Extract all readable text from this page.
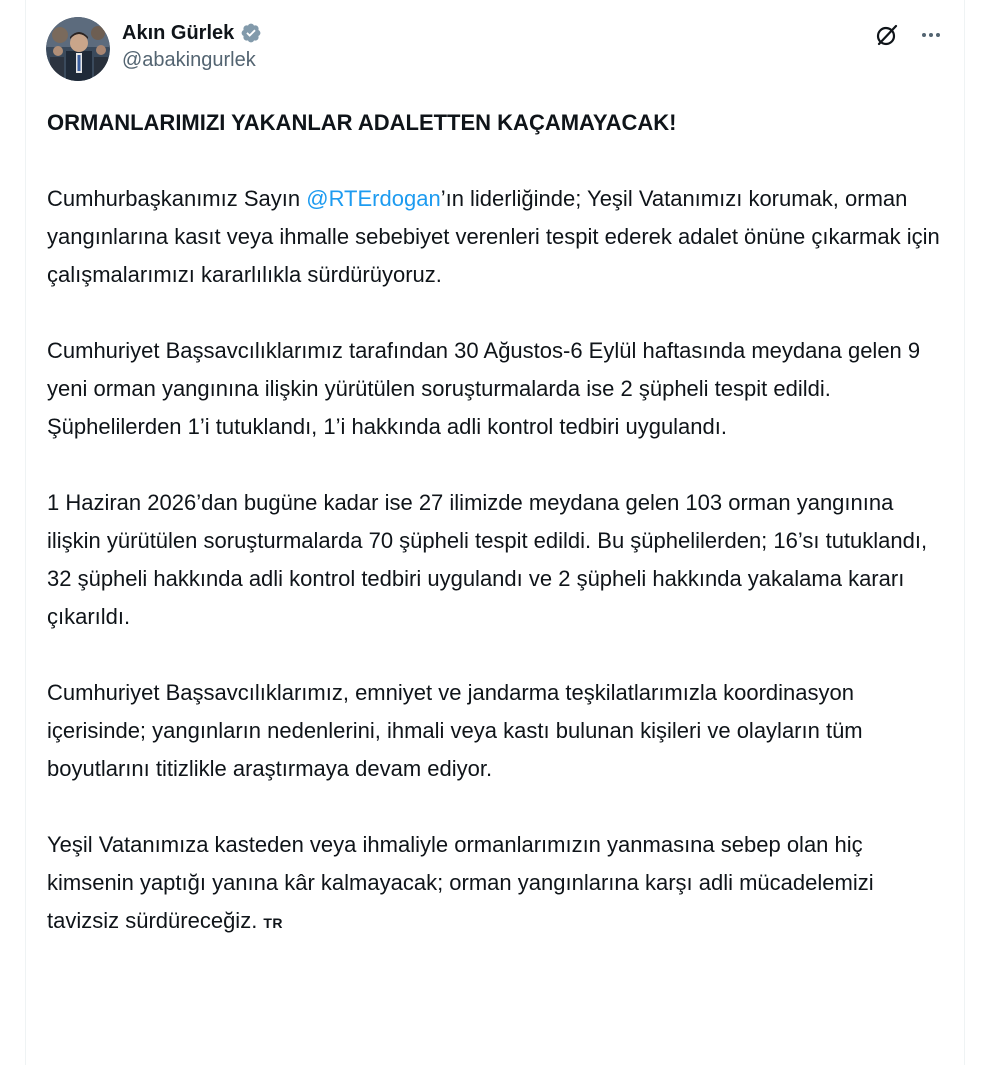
Akın Gürlek
@abakingurlek

ORMANLARIMIZI YAKANLAR ADALETTEN KAÇAMAYACAK!

Cumhurbaşkanımız Sayın @RTErdogan’ın liderliğinde; Yeşil Vatanımızı korumak, orman yangınlarına kasıt veya ihmalle sebebiyet verenleri tespit ederek adalet önüne çıkarmak için çalışmalarımızı kararlılıkla sürdürüyoruz.

Cumhuriyet Başsavcılıklarımız tarafından 30 Ağustos-6 Eylül haftasında meydana gelen 9 yeni orman yangınına ilişkin yürütülen soruşturmalarda ise 2 şüpheli tespit edildi. Şüphelilerden 1’i tutuklandı, 1’i hakkında adli kontrol tedbiri uygulandı.

1 Haziran 2026’dan bugüne kadar ise 27 ilimizde meydana gelen 103 orman yangınına ilişkin yürütülen soruşturmalarda 70 şüpheli tespit edildi. Bu şüphelilerden; 16’sı tutuklandı, 32 şüpheli hakkında adli kontrol tedbiri uygulandı ve 2 şüpheli hakkında yakalama kararı çıkarıldı.

Cumhuriyet Başsavcılıklarımız, emniyet ve jandarma teşkilatlarımızla koordinasyon içerisinde; yangınların nedenlerini, ihmali veya kastı bulunan kişileri ve olayların tüm boyutlarını titizlikle araştırmaya devam ediyor.

Yeşil Vatanımıza kasteden veya ihmaliyle ormanlarımızın yanmasına sebep olan hiç kimsenin yaptığı yanına kâr kalmayacak; orman yangınlarına karşı adli mücadelemizi tavizsiz sürdüreceğiz. TR
